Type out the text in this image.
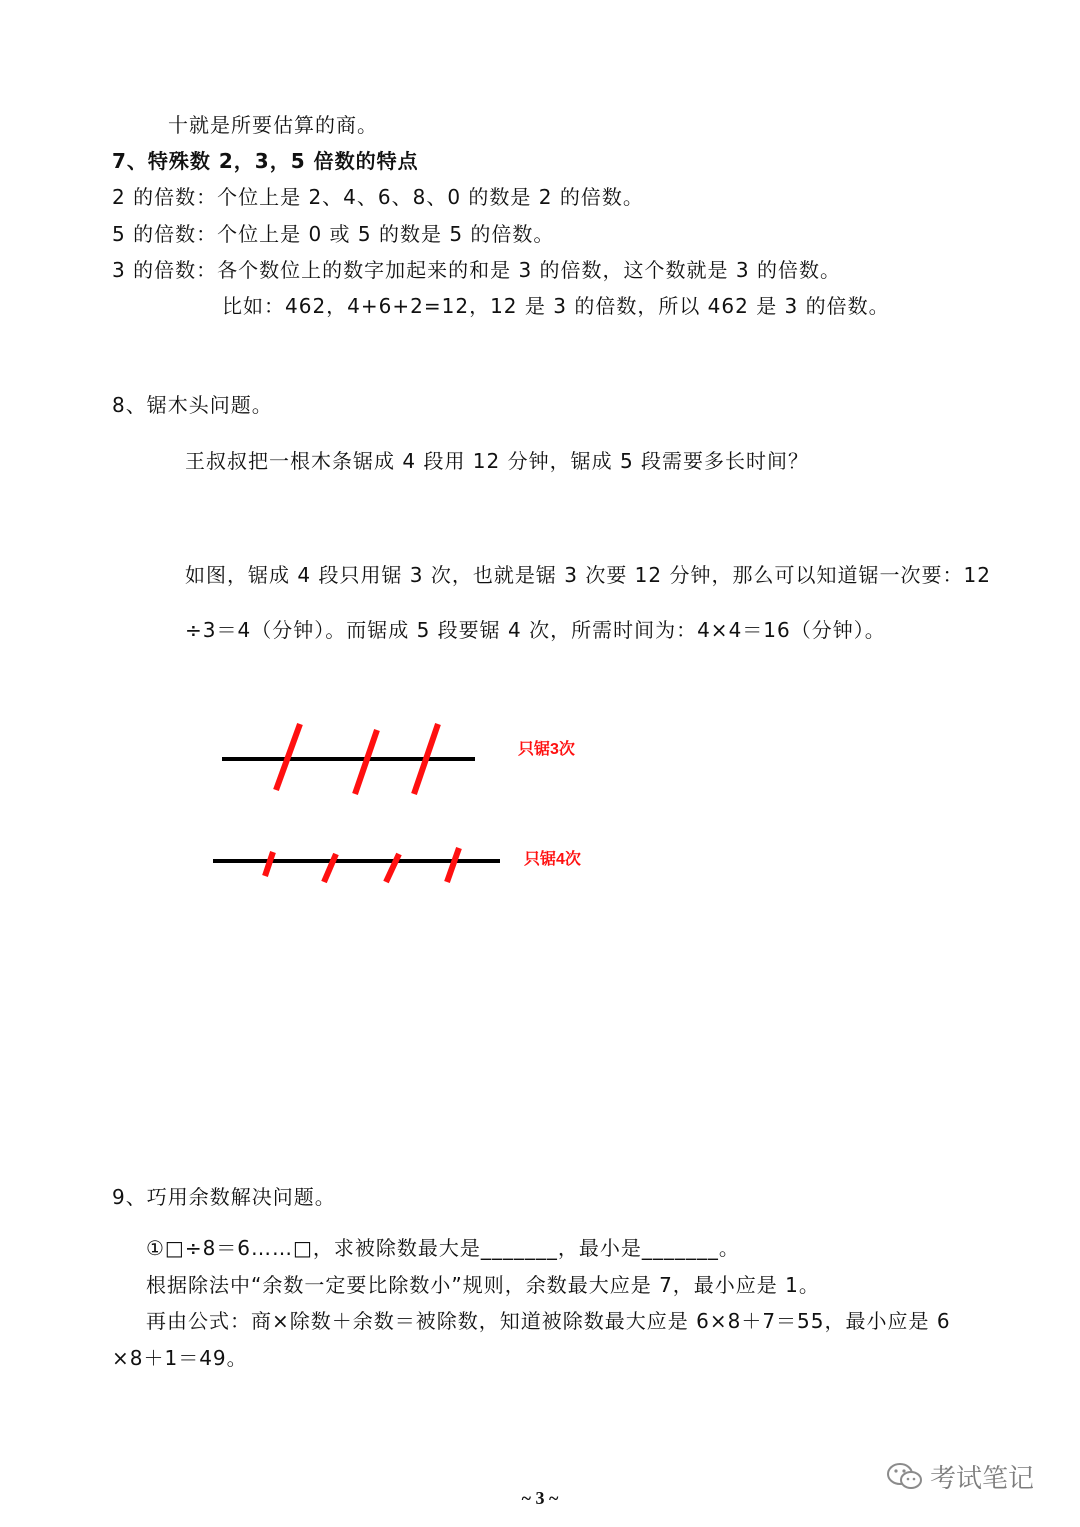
十就是所要估算的商。
7、特殊数 2，3，5 倍数的特点
2 的倍数：个位上是 2、4、6、8、0 的数是 2 的倍数。
5 的倍数：个位上是 0 或 5 的数是 5 的倍数。
3 的倍数：各个数位上的数字加起来的和是 3 的倍数，这个数就是 3 的倍数。
比如：462，4+6+2=12，12 是 3 的倍数，所以 462 是 3 的倍数。
8、锯木头问题。
王叔叔把一根木条锯成 4 段用 12 分钟，锯成 5 段需要多长时间？
如图，锯成 4 段只用锯 3 次，也就是锯 3 次要 12 分钟，那么可以知道锯一次要：12
÷3＝4（分钟）。而锯成 5 段要锯 4 次，所需时间为：4×4＝16（分钟）。
只锯3次
只锯4次
9、巧用余数解决问题。
①□÷8＝6……□，求被除数最大是_______，最小是_______。
根据除法中“余数一定要比除数小”规则，余数最大应是 7，最小应是 1。
再由公式：商×除数＋余数＝被除数，知道被除数最大应是 6×8＋7＝55，最小应是 6
×8＋1＝49。
考试笔记
~ 3 ~
